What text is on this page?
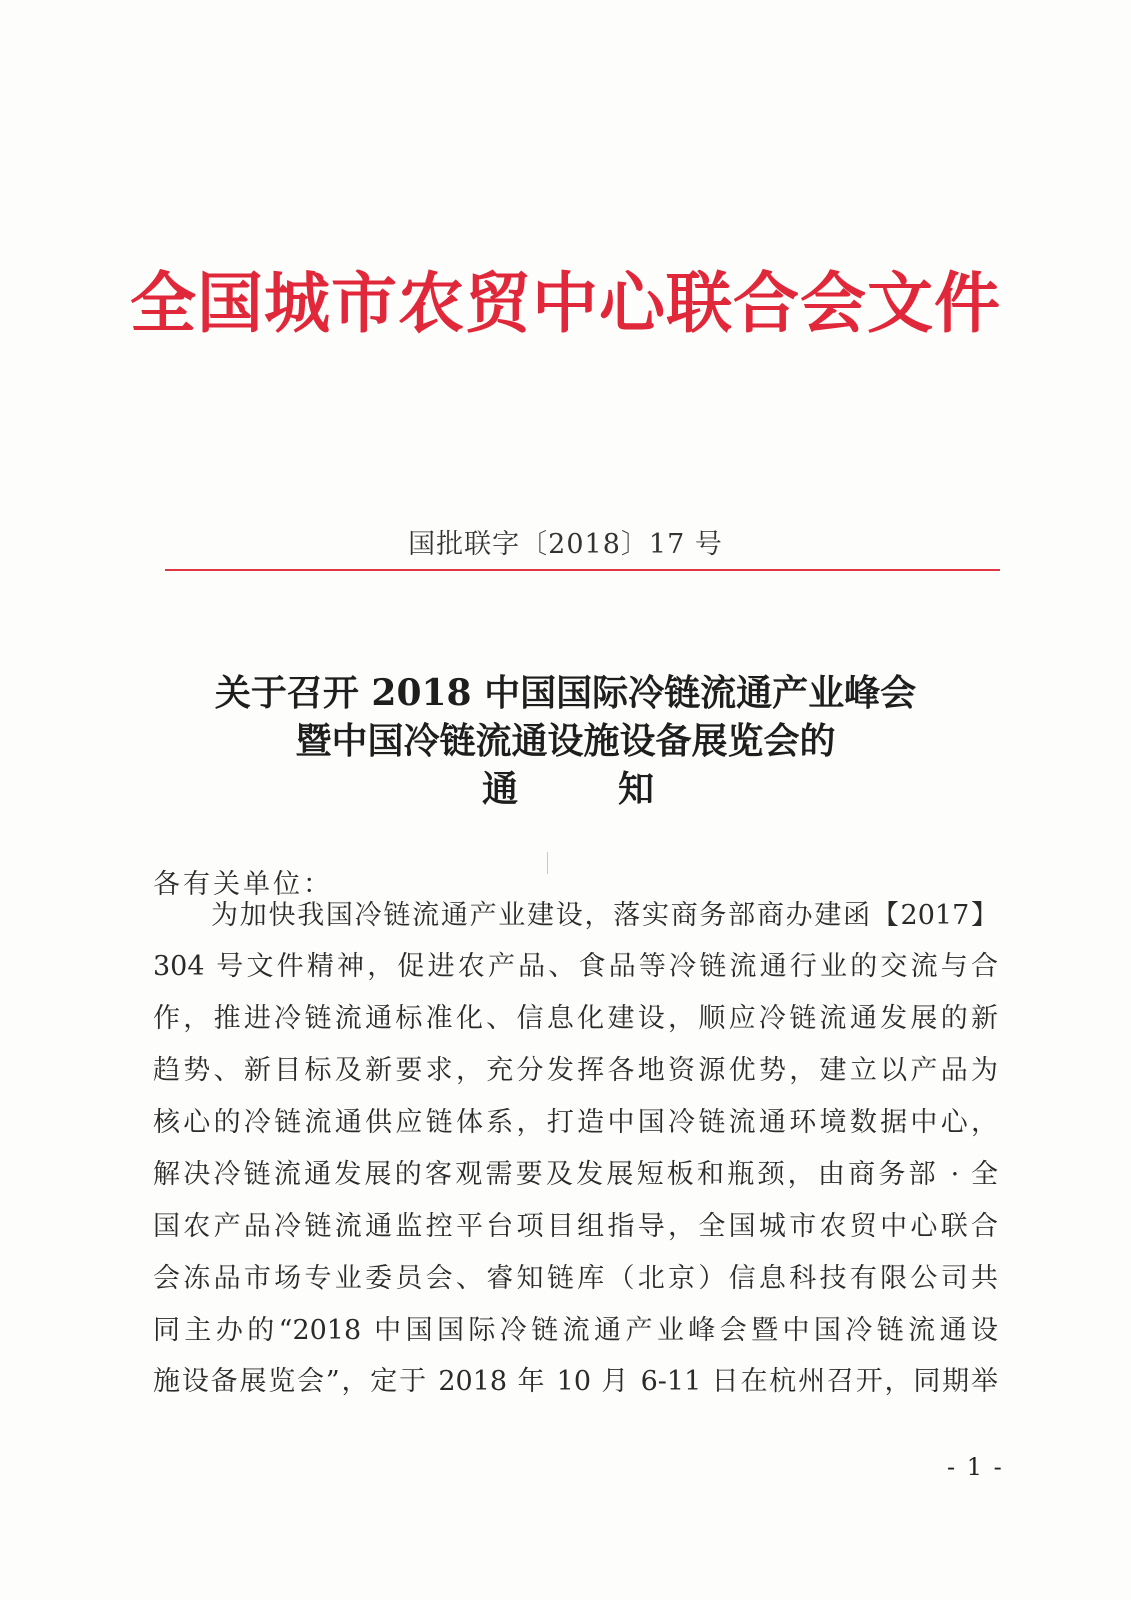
全国城市农贸中心联合会文件
国批联字〔2018〕17 号
关于召开 2018 中国国际冷链流通产业峰会
暨中国冷链流通设施设备展览会的
通	知
各有关单位：
为加快我国冷链流通产业建设，落实商务部商办建函【2017】
304 号文件精神，促进农产品、食品等冷链流通行业的交流与合
作，推进冷链流通标准化、信息化建设，顺应冷链流通发展的新
趋势、新目标及新要求，充分发挥各地资源优势，建立以产品为
核心的冷链流通供应链体系，打造中国冷链流通环境数据中心，
解决冷链流通发展的客观需要及发展短板和瓶颈，由商务部 · 全
国农产品冷链流通监控平台项目组指导，全国城市农贸中心联合
会冻品市场专业委员会、睿知链库（北京）信息科技有限公司共
同主办的“2018 中国国际冷链流通产业峰会暨中国冷链流通设
施设备展览会”，定于 2018 年 10 月 6-11 日在杭州召开，同期举
- 1 -
